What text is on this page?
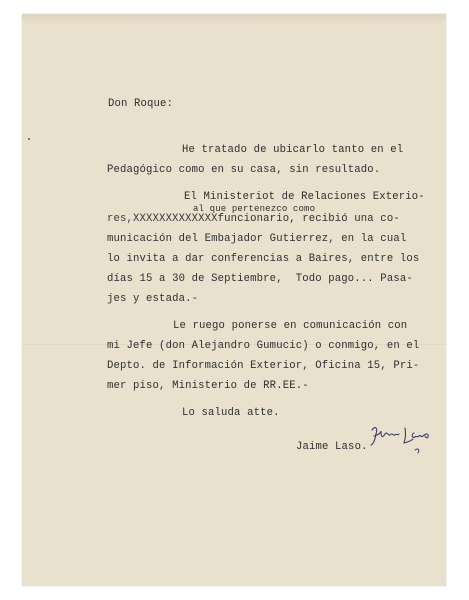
Don Roque:
He tratado de ubicarlo tanto en el
Pedagógico como en su casa, sin resultado.
El Ministeriot de Relaciones Exterio-
al que pertenezco como
res,XXXXXXXXXXXXXfuncionario, recibió una co-
municación del Embajador Gutierrez, en la cual
lo invita a dar conferencias a Baires, entre los
días 15 a 30 de Septiembre,  Todo pago... Pasa-
jes y estada.-
Le ruego ponerse en comunicación con
mi Jefe (don Alejandro Gumucic) o conmigo, en el
Depto. de Información Exterior, Oficina 15, Pri-
mer piso, Ministerio de RR.EE.-
Lo saluda atte.
Jaime Laso.
